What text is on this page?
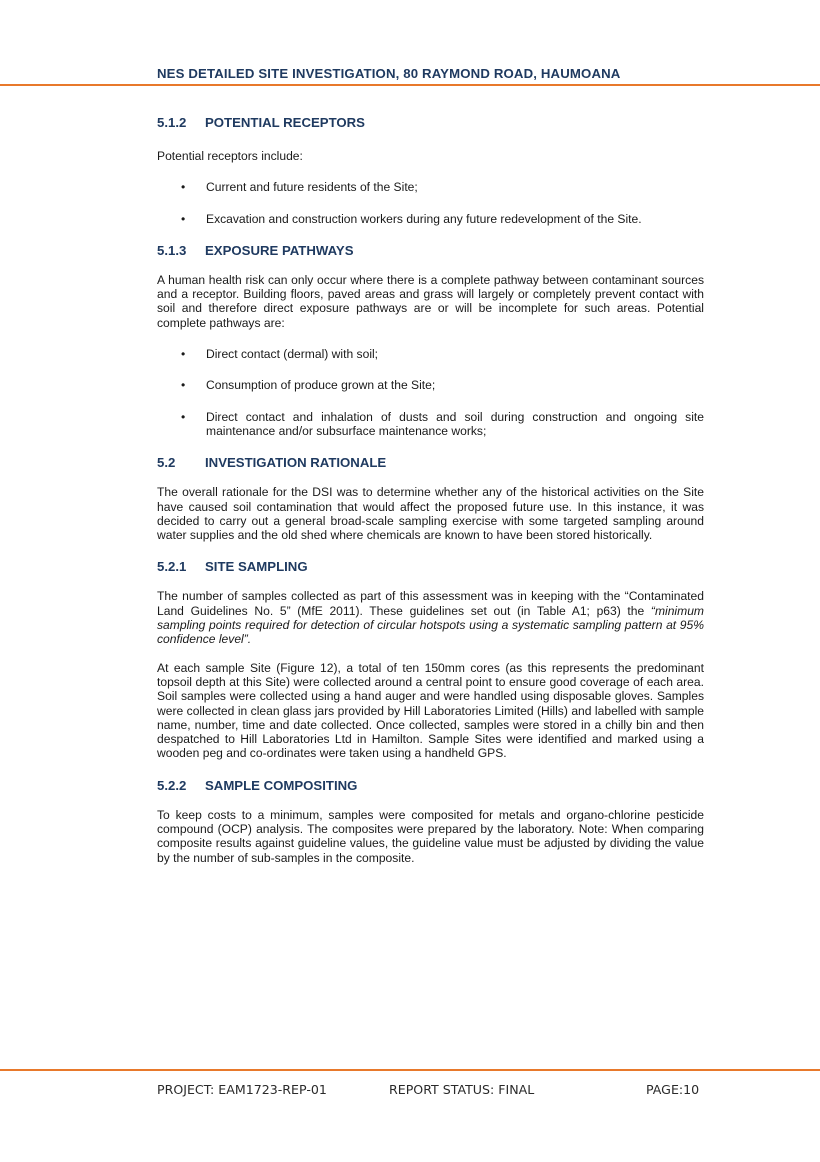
NES DETAILED SITE INVESTIGATION, 80 RAYMOND ROAD, HAUMOANA
5.1.2	POTENTIAL RECEPTORS

Potential receptors include:

• Current and future residents of the Site;
• Excavation and construction workers during any future redevelopment of the Site.
5.1.3	EXPOSURE PATHWAYS

A human health risk can only occur where there is a complete pathway between contaminant sources and a receptor. Building floors, paved areas and grass will largely or completely prevent contact with soil and therefore direct exposure pathways are or will be incomplete for such areas. Potential complete pathways are:

• Direct contact (dermal) with soil;
• Consumption of produce grown at the Site;
• Direct contact and inhalation of dusts and soil during construction and ongoing site maintenance and/or subsurface maintenance works;
5.2	INVESTIGATION RATIONALE

The overall rationale for the DSI was to determine whether any of the historical activities on the Site have caused soil contamination that would affect the proposed future use. In this instance, it was decided to carry out a general broad-scale sampling exercise with some targeted sampling around water supplies and the old shed where chemicals are known to have been stored historically.

5.2.1	SITE SAMPLING

The number of samples collected as part of this assessment was in keeping with the “Contaminated Land Guidelines No. 5” (MfE 2011). These guidelines set out (in Table A1; p63) the “minimum sampling points required for detection of circular hotspots using a systematic sampling pattern at 95% confidence level”.

At each sample Site (Figure 12), a total of ten 150mm cores (as this represents the predominant topsoil depth at this Site) were collected around a central point to ensure good coverage of each area. Soil samples were collected using a hand auger and were handled using disposable gloves. Samples were collected in clean glass jars provided by Hill Laboratories Limited (Hills) and labelled with sample name, number, time and date collected. Once collected, samples were stored in a chilly bin and then despatched to Hill Laboratories Ltd in Hamilton. Sample Sites were identified and marked using a wooden peg and co-ordinates were taken using a handheld GPS.

5.2.2	SAMPLE COMPOSITING

To keep costs to a minimum, samples were composited for metals and organo-chlorine pesticide compound (OCP) analysis. The composites were prepared by the laboratory. Note: When comparing composite results against guideline values, the guideline value must be adjusted by dividing the value by the number of sub-samples in the composite.

PROJECT: EAM1723-REP-01	REPORT STATUS: FINAL	PAGE:10
